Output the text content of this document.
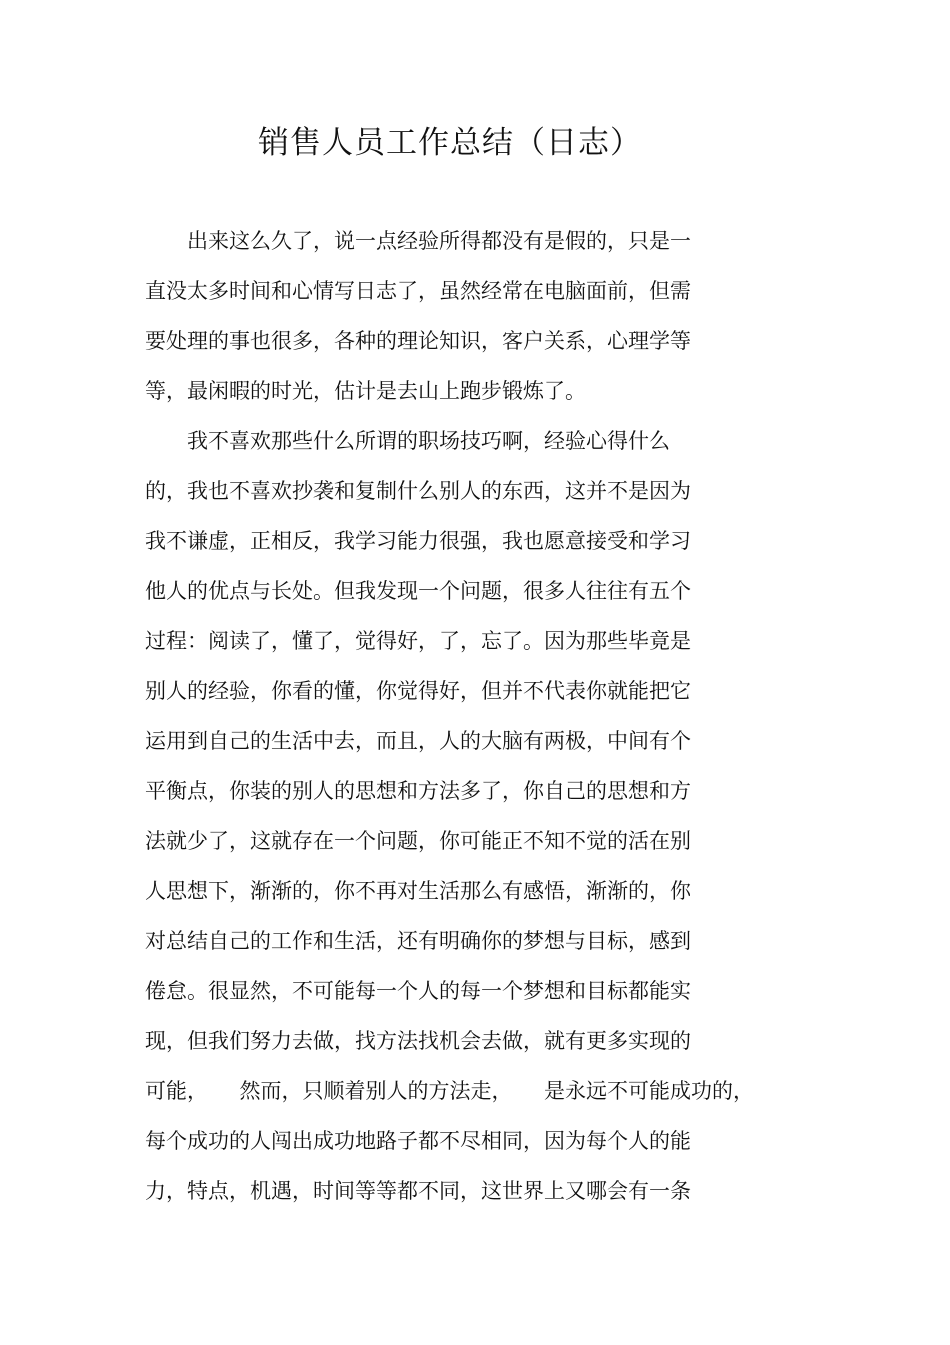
销售人员工作总结（日志）
　　出来这么久了，说一点经验所得都没有是假的，只是一
直没太多时间和心情写日志了，虽然经常在电脑面前，但需
要处理的事也很多，各种的理论知识，客户关系，心理学等
等，最闲暇的时光，估计是去山上跑步锻炼了。
　　我不喜欢那些什么所谓的职场技巧啊，经验心得什么
的，我也不喜欢抄袭和复制什么别人的东西，这并不是因为
我不谦虚，正相反，我学习能力很强，我也愿意接受和学习
他人的优点与长处。但我发现一个问题，很多人往往有五个
过程：阅读了，懂了，觉得好，了，忘了。因为那些毕竟是
别人的经验，你看的懂，你觉得好，但并不代表你就能把它
运用到自己的生活中去，而且，人的大脑有两极，中间有个
平衡点，你装的别人的思想和方法多了，你自己的思想和方
法就少了，这就存在一个问题，你可能正不知不觉的活在别
人思想下，渐渐的，你不再对生活那么有感悟，渐渐的，你
对总结自己的工作和生活，还有明确你的梦想与目标，感到
倦怠。很显然，不可能每一个人的每一个梦想和目标都能实
现，但我们努力去做，找方法找机会去做，就有更多实现的
可能，　　然而，只顺着别人的方法走，　　是永远不可能成功的，
每个成功的人闯出成功地路子都不尽相同，因为每个人的能
力，特点，机遇，时间等等都不同，这世界上又哪会有一条
